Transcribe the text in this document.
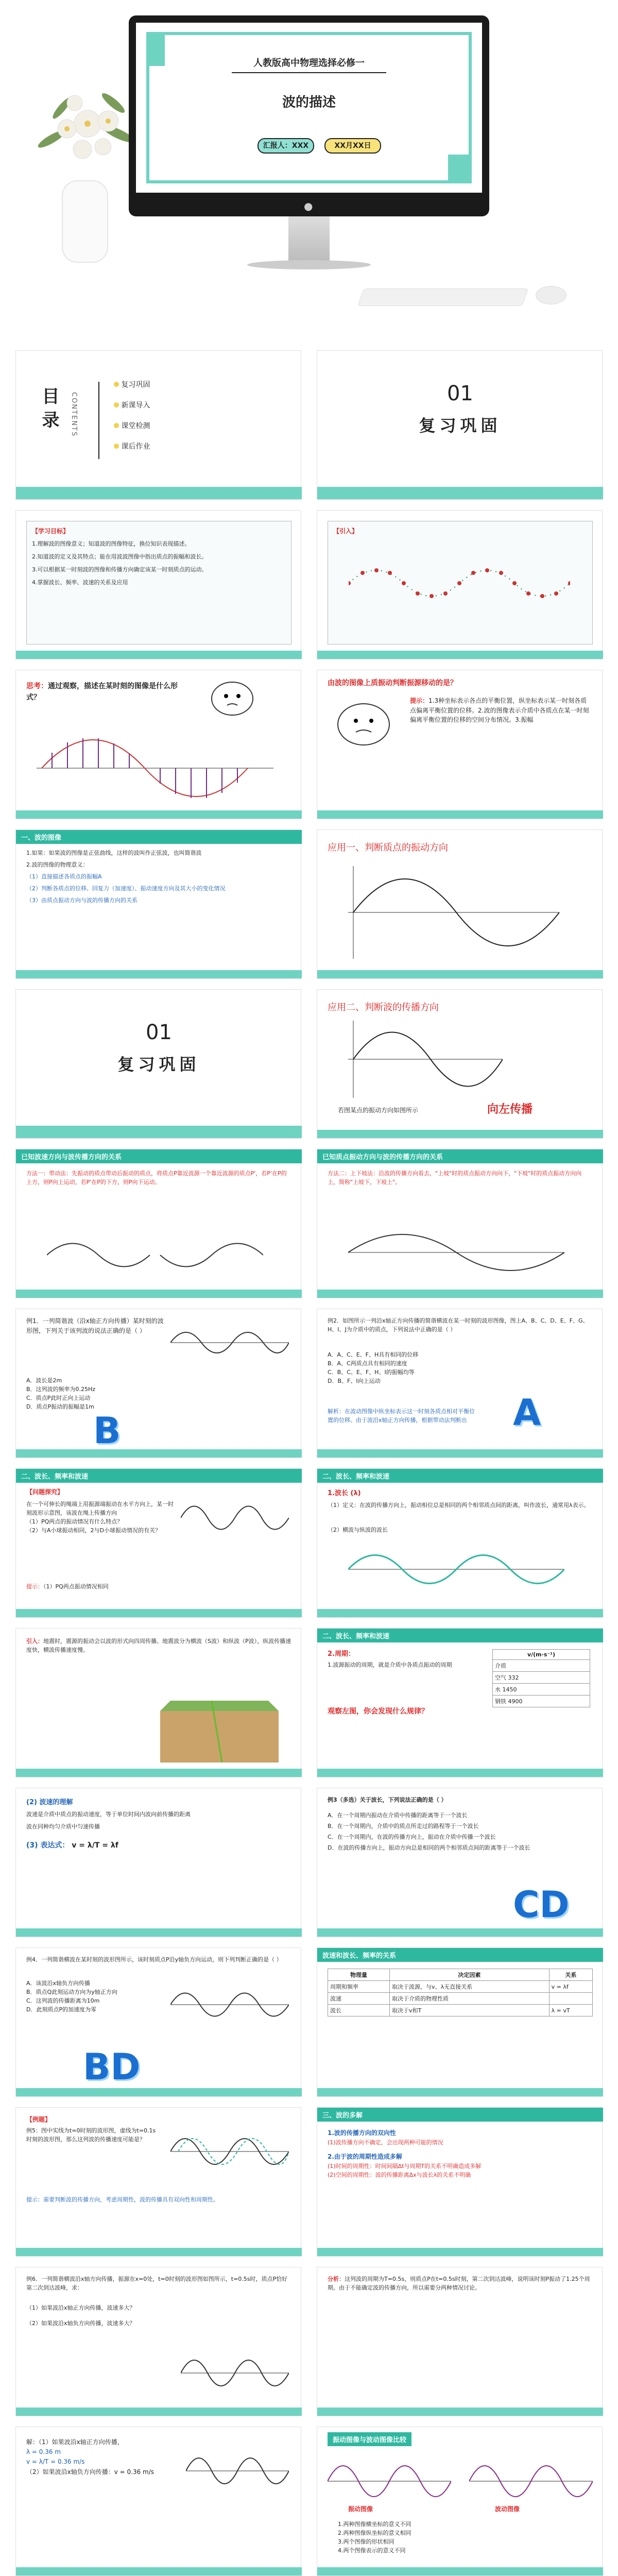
人教版高中物理选择必修一
波的描述
汇报人：XXX	XX月XX日
●
目录	CONTENTS
复习巩固
新课导入
课堂检测
课后作业
01
复习巩固
【学习目标】
1.理解波的图像意义；知道波的图像特征，换位知识表现描述。
2.知道波的定义及其特点；能在用波波图像中指出质点的振幅和波长。
3.可以根据某一时刻波的图像和传播方向确定该某一时刻质点的运动。
4.掌握波长、频率、波速的关系及应用
【引入】
思考：通过观察，描述在某时刻的图像是什么形式？
由波的图像上质振动判断振源移动的是？
提示：1.3种坐标表示各点的平衡位置，纵坐标表示某一时刻各质点偏离平衡位置的位移。2.波的图像表示介质中各质点在某一时刻偏离平衡位置的位移的空间分布情况。3.振幅
一、波的图像
1.如果：如果波的图像是正弦曲线，这样的波叫作正弦波，也叫简谐波
2.波的图像的物理意义：
（1）直接描述各质点的振幅A
（2）判断各质点的位移、回复力（加速度）、振动速度方向及其大小的变化情况
（3）由质点振动方向与波的传播方向的关系
应用一、判断质点的振动方向
01
复习巩固
应用二、判断波的传播方向
若图某点的振动方向如图所示	向左传播
已知波速方向与波传播方向的关系
方法一：带动法：先振动的质点带动后振动的质点，将质点P靠近波源一个靠近波源的质点P'，若P'在P的上方，则P向上运动，若P'在P的下方，则P向下运动。
已知质点振动方向与波的传播方向的关系
方法二：上下坡法：沿波的传播方向看去，"上坡"时的质点振动方向向下，"下坡"时的质点振动方向向上，简称"上坡下，下坡上"。
例1．一列简谐波（沿x轴正方向传播）某时刻的波形图，下列关于该列波的说法正确的是（ ）
A．波长是2m
B．这列波的频率为0.25Hz
C．质点P此时正向上运动
D．质点P振动的振幅是1m
B
例2．如图所示一列沿x轴正方向传播的简谐横波在某一时刻的波形图像，图上A、B、C、D、E、F、G、H、I、J为介质中的质点，下列说法中正确的是（ ）
A．A、C、E、F、H具有相同的位移
B．A、C两质点具有相同的速度
C．B、C、E、F、H、I的振幅均等
D．B、F、I向上运动
解析：在波动图像中纵坐标表示这一时刻各质点相对平衡位置的位移。由于波沿x轴正方向传播，根据带动法判断出 A
二、波长、频率和波速
【问题探究】
在一个可伸长的绳端上用振源端振动在水平方向上，某一时刻波形示意图，该波在绳上传播方向
（1）PQ两点的振动情况有什么特点？
（2）与A小球振动相同，2与D小球振动情况的有关？
提示：（1）PQ两点振动情况相同
二、波长、频率和波速
1.波长 (λ)
（1）定义：在波的传播方向上，振动相位总是相同的两个相邻质点间的距离，叫作波长，通常用λ表示。
（2）横波与纵波的波长
引入：地震时，震源的振动会以波的形式向四周传播。地震波分为横波（S波）和纵波（P波），纵波传播速度快，横波传播速度慢。
二、波长、频率和波速
2.周期：
1.波源振动的周期，就是介质中各质点振动的周期
v/(m·s⁻¹)
介质
空气 332
水 1450
钢铁 4900
观察左图，你会发现什么规律？
(2) 波速的理解
波速是介质中质点的振动速度，等于单位时间内波向前传播的距离
波在同种均匀介质中匀速传播
(3) 表达式： v = λ/T = λf
例3（多选）关于波长，下列说法正确的是（ ）
A．在一个周期内振动在介质中传播的距离等于一个波长
B．在一个周期内，介质中的质点所走过的路程等于一个波长
C．在一个周期内，在波的传播方向上，振动在介质中传播一个波长
D．在波的传播方向上，振动方向总是相同的两个相邻质点间的距离等于一个波长
CD
例4．一列简谐横波在某时刻的波形图所示，该时刻质点P沿y轴负方向运动，则下列判断正确的是（ ）
A．该波沿x轴负方向传播
B．质点Q此刻运动方向为y轴正方向
C．这列波的传播距离为10m
D．此刻质点P的加速度为零
BD
波速和波长、频率的关系
物理量	决定因素	关系
周期和频率	取决于波源，与v、λ无直接关系	v = λf
波速	取决于介质的物理性质	
波长	取决于v和T	λ = vT
【例题】
例5：图中实线为t=0时刻的波形图，虚线为t=0.1s时刻的波形图，那么这列波的传播速度可能是？
提示：需要判断波的传播方向，考虑周期性，波的传播具有双向性和周期性。
三、波的多解
1.波的传播方向的双向性
(1)波传播方向不确定，会出现两种可能的情况
2.由于波的周期性造成多解
(1)时间的周期性：时间间隔Δt与周期T的关系不明确造成多解
(2)空间的周期性：波的传播距离Δx与波长λ的关系不明确
例6．一列简谐横波沿x轴方向传播，振源在x=0处，t=0时刻的波形图如图所示，t=0.5s时，质点P恰好第二次到达波峰，求：
（1）如果波沿x轴正方向传播，波速多大？
（2）如果波沿x轴负方向传播，波速多大？
分析：这列波的周期为T=0.5s，则质点P在t=0.5s时刻，第二次到达波峰，说明该时刻P振动了1.25个周期。由于不能确定波的传播方向，所以需要分两种情况讨论。
解：（1）如果波沿x轴正方向传播，
λ = 0.36 m
v = λ/T = 0.36 m/s
（2）如果波沿x轴负方向传播：v = 0.36 m/s
振动图像与波动图像比较
振动图像	波动图像
1.两种图像横坐标的意义不同
2.两种图像纵坐标的意义相同
3.两个图像的形状相同
4.两个图像表示的意义不同
